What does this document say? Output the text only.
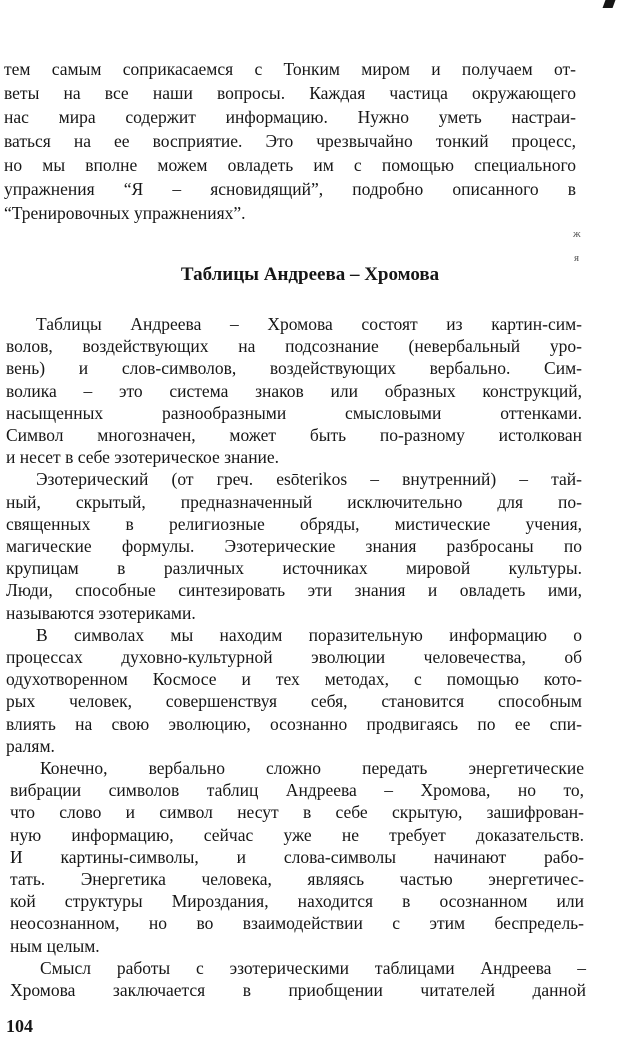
тем самым соприкасаемся с Тонким миром и получаем от-
веты на все наши вопросы. Каждая частица окружающего
нас мира содержит информацию. Нужно уметь настраи-
ваться на ее восприятие. Это чрезвычайно тонкий процесс,
но мы вполне можем овладеть им с помощью специального
упражнения “Я – ясновидящий”, подробно описанного в
“Тренировочных упражнениях”.
ж
я
Таблицы Андреева – Хромова
Таблицы Андреева – Хромова состоят из картин-сим-
волов, воздействующих на подсознание (невербальный уро-
вень) и слов-символов, воздействующих вербально. Сим-
волика – это система знаков или образных конструкций,
насыщенных разнообразными смысловыми оттенками.
Символ многозначен, может быть по-разному истолкован
и несет в себе эзотерическое знание.
Эзотерический (от греч. esōterikos – внутренний) – тай-
ный, скрытый, предназначенный исключительно для по-
священных в религиозные обряды, мистические учения,
магические формулы. Эзотерические знания разбросаны по
крупицам в различных источниках мировой культуры.
Люди, способные синтезировать эти знания и овладеть ими,
называются эзотериками.
В символах мы находим поразительную информацию о
процессах духовно-культурной эволюции человечества, об
одухотворенном Космосе и тех методах, с помощью кото-
рых человек, совершенствуя себя, становится способным
влиять на свою эволюцию, осознанно продвигаясь по ее спи-
ралям.
Конечно, вербально сложно передать энергетические
вибрации символов таблиц Андреева – Хромова, но то,
что слово и символ несут в себе скрытую, зашифрован-
ную информацию, сейчас уже не требует доказательств.
И картины-символы, и слова-символы начинают рабо-
тать. Энергетика человека, являясь частью энергетичес-
кой структуры Мироздания, находится в осознанном или
неосознанном, но во взаимодействии с этим беспредель-
ным целым.
Смысл работы с эзотерическими таблицами Андреева –
Хромова заключается в приобщении читателей данной
104
